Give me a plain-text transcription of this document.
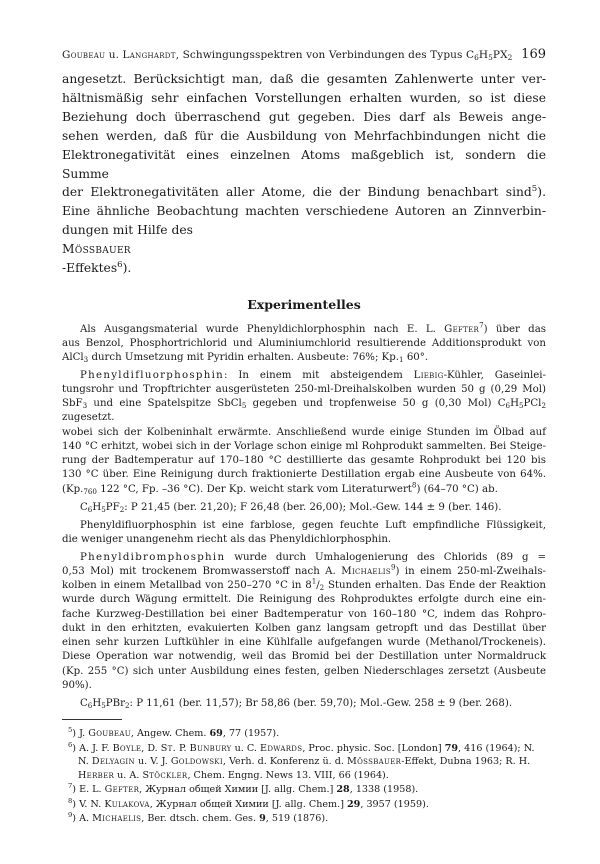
Goubeau u. Langhardt, Schwingungsspektren von Verbindungen des Typus $C_6H_5PX_2$ 169

angesetzt. Berücksichtigt man, daß die gesamten Zahlenwerte unter ver-
hältnismäßig sehr einfachen Vorstellungen erhalten wurden, so ist diese
Beziehung doch überraschend gut gegeben. Dies darf als Beweis ange-
sehen werden, daß für die Ausbildung von Mehrfachbindungen nicht die
Elektronegativität eines einzelnen Atoms maßgeblich ist, sondern die Summe
der Elektronegativitäten aller Atome, die der Bindung benachbart sind$^5$).
Eine ähnliche Beobachtung machten verschiedene Autoren an Zinnverbin-
dungen mit Hilfe des
Mössbauer
-Effektes$^6$).

Experimentelles

Als Ausgangsmaterial wurde Phenyldichlorphosphin nach E. L. Gefter$^7$) über das
aus Benzol, Phosphortrichlorid und Aluminiumchlorid resultierende Additionsprodukt von
AlCl$_3$ durch Umsetzung mit Pyridin erhalten. Ausbeute: 76%; $Kp._1$ 60°.

Phenyldifluorphosphin: In einem mit absteigendem Liebig-Kühler, Gaseinlei-
tungsrohr und Tropftrichter ausgerüsteten 250-ml-Dreihalskolben wurden 50 g (0,29 Mol)
SbF$_3$ und eine Spatelspitze SbCl$_5$ gegeben und tropfenweise 50 g (0,30 Mol) $C_6H_5PCl_2$ zugesetzt.
wobei sich der Kolbeninhalt erwärmte. Anschließend wurde einige Stunden im Ölbad auf
140 °C erhitzt, wobei sich in der Vorlage schon einige ml Rohprodukt sammelten. Bei Steige-
rung der Badtemperatur auf 170–180 °C destillierte das gesamte Rohprodukt bei 120 bis
130 °C über. Eine Reinigung durch fraktionierte Destillation ergab eine Ausbeute von 64%.
($Kp._{760}$ 122 °C, Fp. –36 °C). Der Kp. weicht stark vom Literaturwert$^8$) (64–70 °C) ab.

$C_6H_5PF_2$: P 21,45 (ber. 21,20); F 26,48 (ber. 26,00); Mol.-Gew. 144 ± 9 (ber. 146).

Phenyldifluorphosphin ist eine farblose, gegen feuchte Luft empfindliche Flüssigkeit,
die weniger unangenehm riecht als das Phenyldichlorphosphin.

Phenyldibromphosphin wurde durch Umhalogenierung des Chlorids (89 g =
0,53 Mol) mit trockenem Bromwasserstoff nach A. Michaelis$^9$) in einem 250-ml-Zweihals-
kolben in einem Metallbad von 250–270 °C in $8^1/_2$ Stunden erhalten. Das Ende der Reaktion
wurde durch Wägung ermittelt. Die Reinigung des Rohproduktes erfolgte durch eine ein-
fache Kurzweg-Destillation bei einer Badtemperatur von 160–180 °C, indem das Rohpro-
dukt in den erhitzten, evakuierten Kolben ganz langsam getropft und das Destillat über
einen sehr kurzen Luftkühler in eine Kühlfalle aufgefangen wurde (Methanol/Trockeneis).
Diese Operation war notwendig, weil das Bromid bei der Destillation unter Normaldruck
(Kp. 255 °C) sich unter Ausbildung eines festen, gelben Niederschlages zersetzt (Ausbeute
90%).

$C_6H_5PBr_2$: P 11,61 (ber. 11,57); Br 58,86 (ber. 59,70); Mol.-Gew. 258 ± 9 (ber. 268).

$^5$) J. Goubeau, Angew. Chem. 69, 77 (1957).

$^6$) A. J. F. Boyle, D. St. P. Bunbury u. C. Edwards, Proc. physic. Soc. [London] 79, 416 (1964); N. N. Delyagin u. V. J. Goldowski, Verh. d. Konferenz ü. d. Mössbauer-Effekt, Dubna 1963; R. H. Herber u. A. Stöckler, Chem. Engng. News 13. VIII, 66 (1964).

$^7$) E. L. Gefter, Журнал общей Химии [J. allg. Chem.] 28, 1338 (1958).

$^8$) V. N. Kulakova, Журнал общей Химии [J. allg. Chem.] 29, 3957 (1959).

$^9$) A. Michaelis, Ber. dtsch. chem. Ges. 9, 519 (1876).
